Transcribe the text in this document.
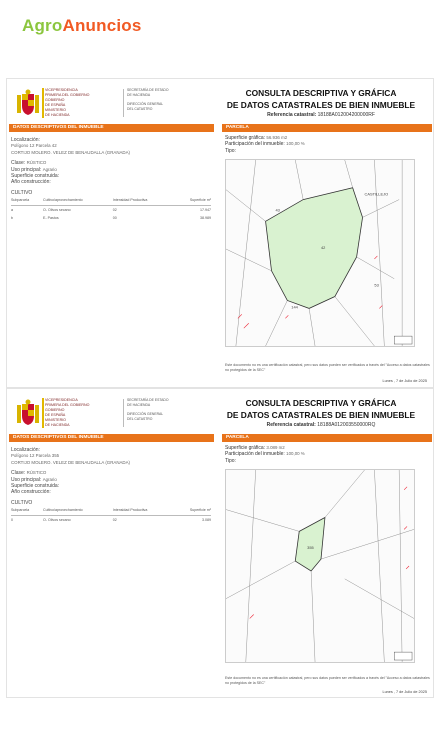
AgroAnuncios
VICEPRESIDENCIA
PRIMERA DEL GOBIERNO
GOBIERNO
DE ESPAÑA
MINISTERIO
DE HACIENDA
SECRETARÍA DE ESTADO
DE HACIENDA
DIRECCIÓN GENERAL
DEL CATASTRO
CONSULTA DESCRIPTIVA Y GRÁFICA
DE DATOS CATASTRALES DE BIEN INMUEBLE
Referencia catastral: 18188A012004200000RF
DATOS DESCRIPTIVOS DEL INMUEBLE	PARCELA
Localización:
Polígono 12 Parcela 42
CORTIJO MOLERO. VELEZ DE BENAUDALLA (GRANADA)
Clase: RÚSTICO
Uso principal: Agrario
Superficie construida:
Año construcción:
CULTIVO
Subparcela	Cultivo/aprovechamiento	Intensidad Productiva	Superficie m²
a	O- Olivos secano	02	17.947
b	E- Pastos	00	38.989
Superficie gráfica: 56.936 m2
Participación del inmueble: 100,00 %
Tipo:
CASTILLEJO
42
43
53
144
Este documento no es una certificación catastral, pero sus datos pueden ser verificados a través del "Acceso a datos catastrales no protegidos de la SEC"
Lunes , 7 de Julio de 2025
VICEPRESIDENCIA
PRIMERA DEL GOBIERNO
GOBIERNO
DE ESPAÑA
MINISTERIO
DE HACIENDA
SECRETARÍA DE ESTADO
DE HACIENDA
DIRECCIÓN GENERAL
DEL CATASTRO
CONSULTA DESCRIPTIVA Y GRÁFICA
DE DATOS CATASTRALES DE BIEN INMUEBLE
Referencia catastral: 18188A012003550000RQ
DATOS DESCRIPTIVOS DEL INMUEBLE	PARCELA
Localización:
Polígono 12 Parcela 355
CORTIJO MOLERO. VELEZ DE BENAUDALLA (GRANADA)
Clase: RÚSTICO
Uso principal: Agrario
Superficie construida:
Año construcción:
CULTIVO
Subparcela	Cultivo/aprovechamiento	Intensidad Productiva	Superficie m²
0	O- Olivos secano	02	3.089
Superficie gráfica: 3.089 m2
Participación del inmueble: 100,00 %
Tipo:
355
Este documento no es una certificación catastral, pero sus datos pueden ser verificados a través del "Acceso a datos catastrales no protegidos de la SEC"
Lunes , 7 de Julio de 2025
